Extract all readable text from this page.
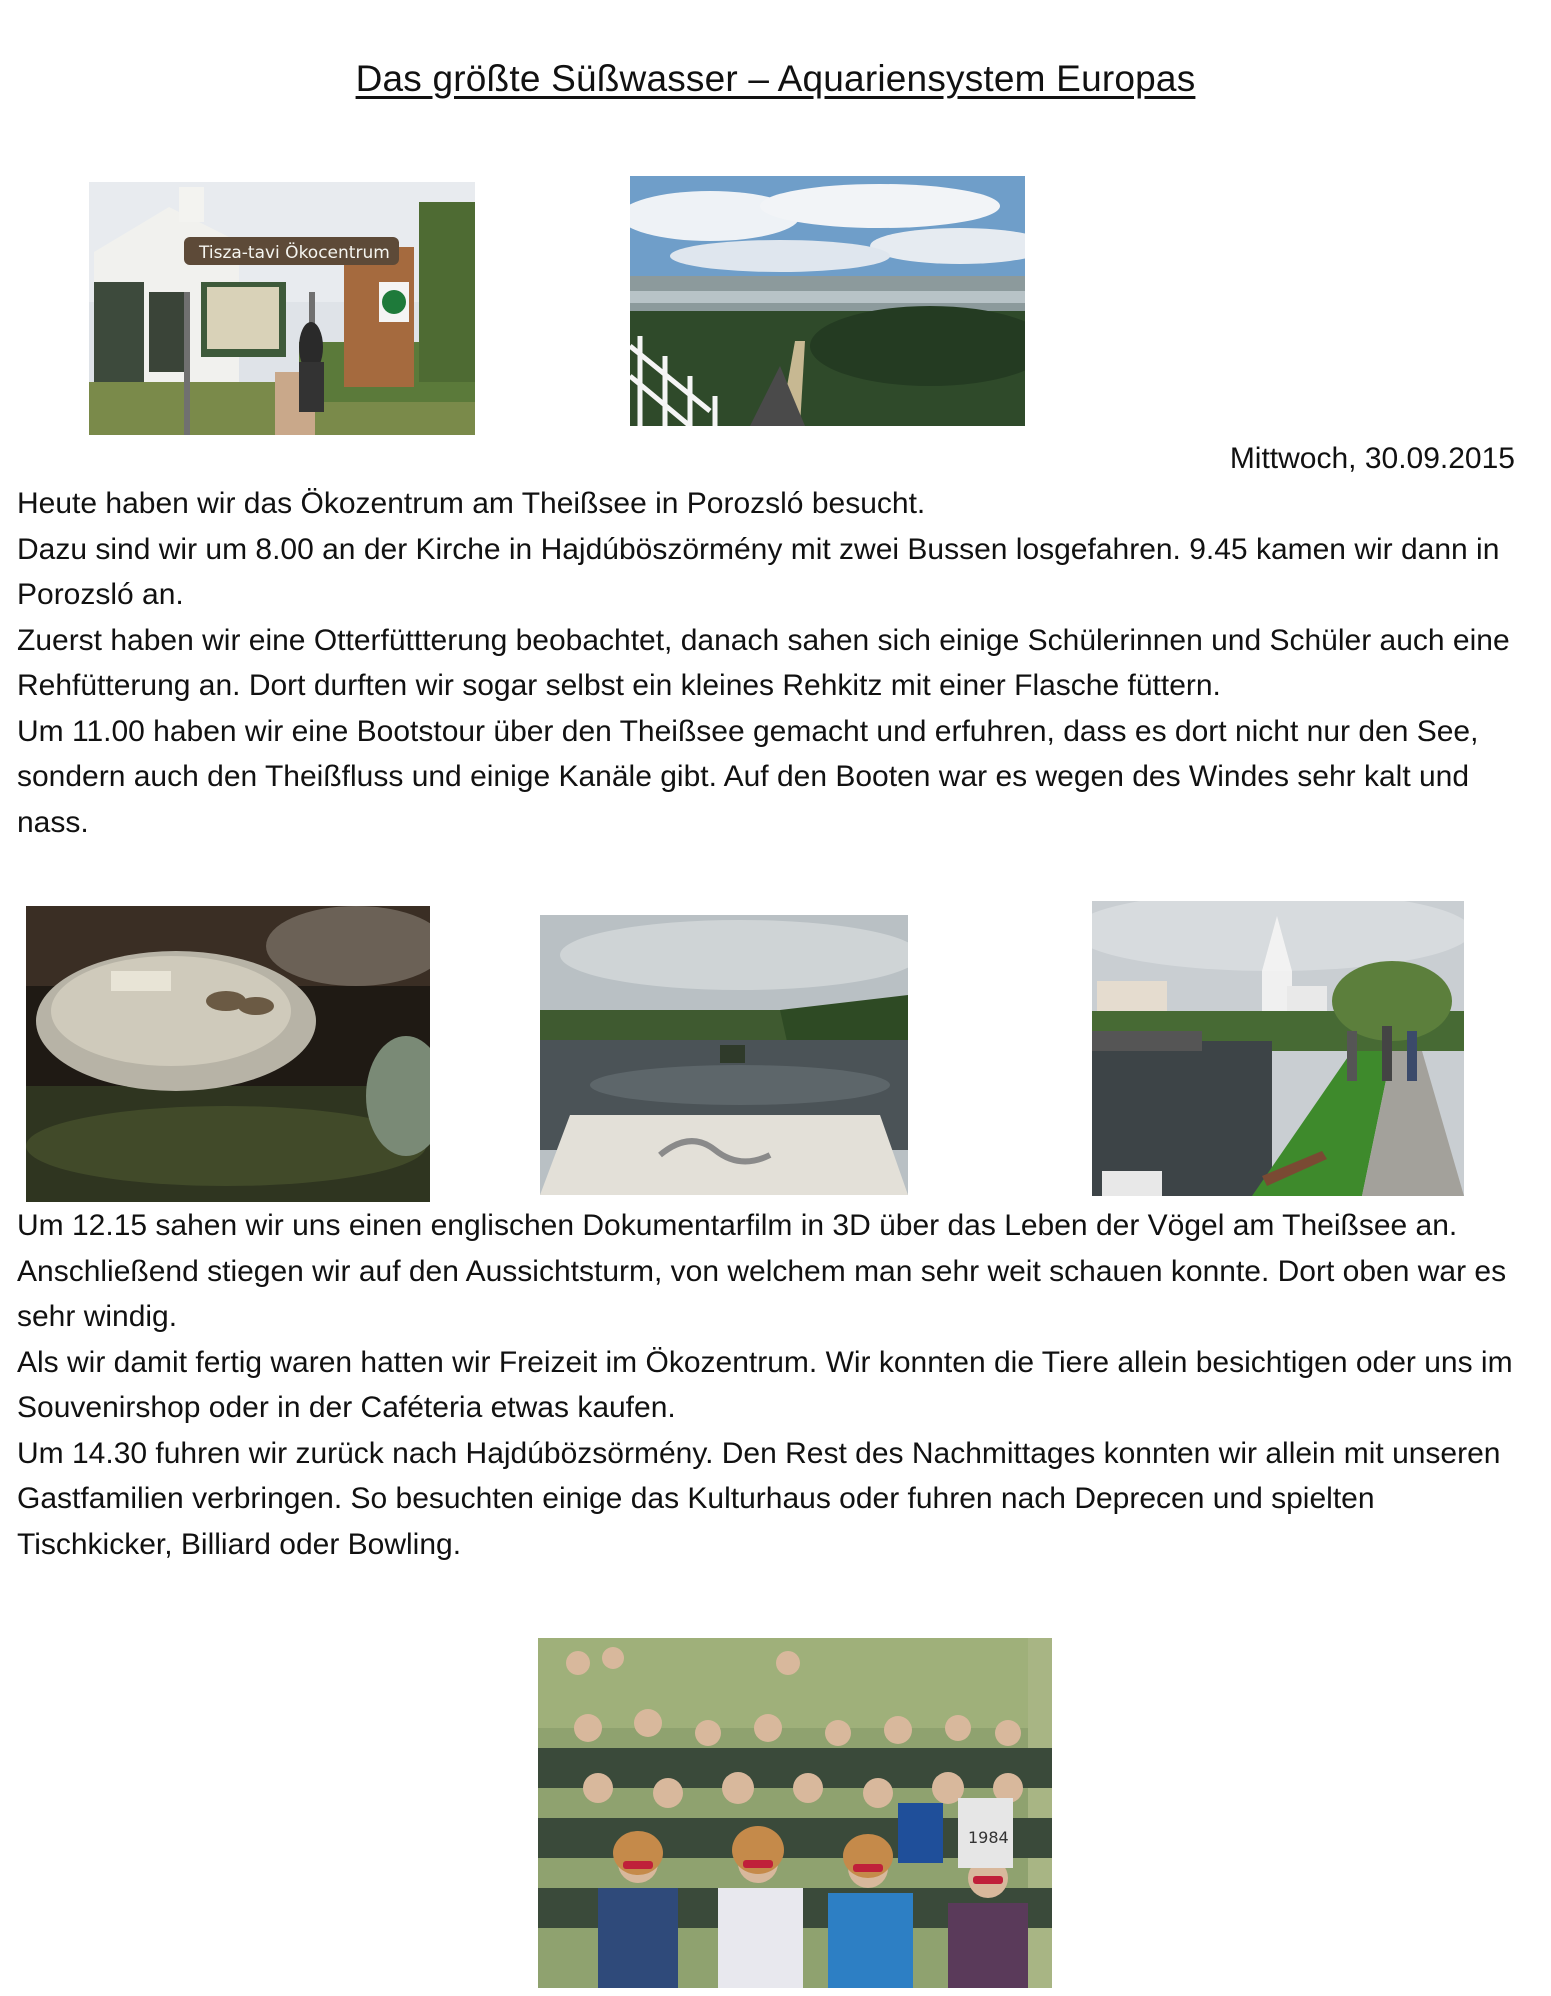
Das größte Süßwasser – Aquariensystem Europas
Tisza-tavi Ökocentrum
Mittwoch, 30.09.2015

Heute haben wir das Ökozentrum am Theißsee in Porozsló besucht.

Dazu sind wir um 8.00 an der Kirche in Hajdúböszörmény mit zwei Bussen losgefahren. 9.45 kamen wir dann in Porozsló an.

Zuerst haben wir eine Otterfüttterung beobachtet, danach sahen sich einige Schülerinnen und Schüler auch eine Rehfütterung an. Dort durften wir sogar selbst ein kleines Rehkitz mit einer Flasche füttern.

Um 11.00 haben wir eine Bootstour über den Theißsee gemacht und erfuhren, dass es dort nicht nur den See, sondern auch den Theißfluss und einige Kanäle gibt. Auf den Booten war es wegen des Windes sehr kalt und nass.

Um 12.15 sahen wir uns einen englischen Dokumentarfilm in 3D über das Leben der Vögel am Theißsee an. Anschließend stiegen wir auf den Aussichtsturm, von welchem man sehr weit schauen konnte. Dort oben war es sehr windig.

Als wir damit fertig waren hatten wir Freizeit im Ökozentrum. Wir konnten die Tiere allein besichtigen oder uns im Souvenirshop oder in der Caféteria etwas kaufen.

Um 14.30 fuhren wir zurück nach Hajdúbözsörmény. Den Rest des Nachmittages konnten wir allein mit unseren Gastfamilien verbringen. So besuchten einige das Kulturhaus oder fuhren nach Deprecen und spielten Tischkicker, Billiard oder Bowling.

1984
